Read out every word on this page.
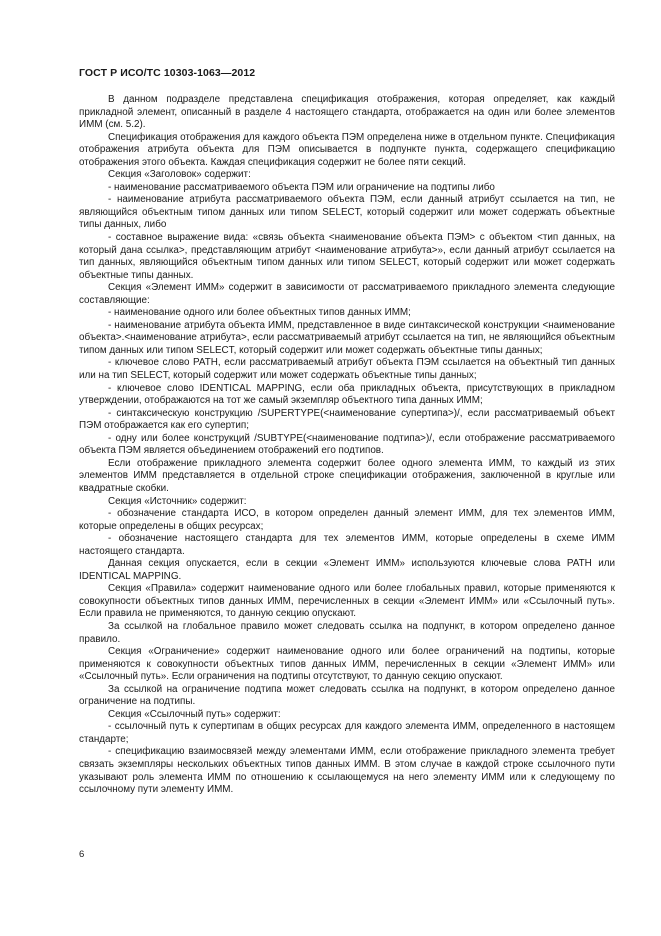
ГОСТ Р ИСО/ТС 10303-1063—2012

В данном подразделе представлена спецификация отображения, которая определяет, как каждый прикладной элемент, описанный в разделе 4 настоящего стандарта, отображается на один или более элементов ИММ (см. 5.2).

Спецификация отображения для каждого объекта ПЭМ определена ниже в отдельном пункте. Спецификация отображения атрибута объекта для ПЭМ описывается в подпункте пункта, содержащего спецификацию отображения этого объекта. Каждая спецификация содержит не более пяти секций.

Секция «Заголовок» содержит:

- наименование рассматриваемого объекта ПЭМ или ограничение на подтипы либо

- наименование атрибута рассматриваемого объекта ПЭМ, если данный атрибут ссылается на тип, не являющийся объектным типом данных или типом SELECT, который содержит или может содержать объектные типы данных, либо

- составное выражение вида: «связь объекта <наименование объекта ПЭМ> с объектом <тип данных, на который дана ссылка>, представляющим атрибут <наименование атрибута>», если данный атрибут ссылается на тип данных, являющийся объектным типом данных или типом SELECT, который содержит или может содержать объектные типы данных.

Секция «Элемент ИММ» содержит в зависимости от рассматриваемого прикладного элемента следующие составляющие:

- наименование одного или более объектных типов данных ИММ;

- наименование атрибута объекта ИММ, представленное в виде синтаксической конструкции <наименование объекта>.<наименование атрибута>, если рассматриваемый атрибут ссылается на тип, не являющийся объектным типом данных или типом SELECT, который содержит или может содержать объектные типы данных;

- ключевое слово PATH, если рассматриваемый атрибут объекта ПЭМ ссылается на объектный тип данных или на тип SELECT, который содержит или может содержать объектные типы данных;

- ключевое слово IDENTICAL MAPPING, если оба прикладных объекта, присутствующих в прикладном утверждении, отображаются на тот же самый экземпляр объектного типа данных ИММ;

- синтаксическую конструкцию /SUPERTYPE(<наименование супертипа>)/, если рассматриваемый объект ПЭМ отображается как его супертип;

- одну или более конструкций /SUBTYPE(<наименование подтипа>)/, если отображение рассматриваемого объекта ПЭМ является объединением отображений его подтипов.

Если отображение прикладного элемента содержит более одного элемента ИММ, то каждый из этих элементов ИММ представляется в отдельной строке спецификации отображения, заключенной в круглые или квадратные скобки.

Секция «Источник» содержит:

- обозначение стандарта ИСО, в котором определен данный элемент ИММ, для тех элементов ИММ, которые определены в общих ресурсах;

- обозначение настоящего стандарта для тех элементов ИММ, которые определены в схеме ИММ настоящего стандарта.

Данная секция опускается, если в секции «Элемент ИММ» используются ключевые слова PATH или IDENTICAL MAPPING.

Секция «Правила» содержит наименование одного или более глобальных правил, которые применяются к совокупности объектных типов данных ИММ, перечисленных в секции «Элемент ИММ» или «Ссылочный путь». Если правила не применяются, то данную секцию опускают.

За ссылкой на глобальное правило может следовать ссылка на подпункт, в котором определено данное правило.

Секция «Ограничение» содержит наименование одного или более ограничений на подтипы, которые применяются к совокупности объектных типов данных ИММ, перечисленных в секции «Элемент ИММ» или «Ссылочный путь». Если ограничения на подтипы отсутствуют, то данную секцию опускают.

За ссылкой на ограничение подтипа может следовать ссылка на подпункт, в котором определено данное ограничение на подтипы.

Секция «Ссылочный путь» содержит:

- ссылочный путь к супертипам в общих ресурсах для каждого элемента ИММ, определенного в настоящем стандарте;

- спецификацию взаимосвязей между элементами ИММ, если отображение прикладного элемента требует связать экземпляры нескольких объектных типов данных ИММ. В этом случае в каждой строке ссылочного пути указывают роль элемента ИММ по отношению к ссылающемуся на него элементу ИММ или к следующему по ссылочному пути элементу ИММ.

6
